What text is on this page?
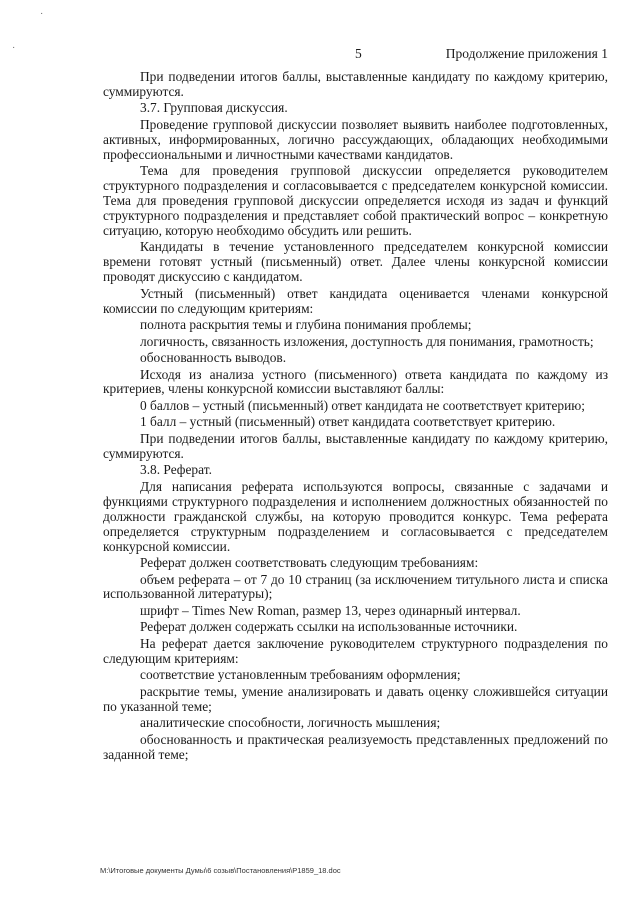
·
·	5	Продолжение приложения 1

При подведении итогов баллы, выставленные кандидату по каждому критерию, суммируются.

3.7. Групповая дискуссия.

Проведение групповой дискуссии позволяет выявить наиболее подготовленных, активных, информированных, логично рассуждающих, обладающих необходимыми профессиональными и личностными качествами кандидатов.

Тема для проведения групповой дискуссии определяется руководителем структурного подразделения и согласовывается с председателем конкурсной комиссии. Тема для проведения групповой дискуссии определяется исходя из задач и функций структурного подразделения и представляет собой практический вопрос – конкретную ситуацию, которую необходимо обсудить или решить.

Кандидаты в течение установленного председателем конкурсной комиссии времени готовят устный (письменный) ответ. Далее члены конкурсной комиссии проводят дискуссию с кандидатом.

Устный (письменный) ответ кандидата оценивается членами конкурсной комиссии по следующим критериям:

полнота раскрытия темы и глубина понимания проблемы;

логичность, связанность изложения, доступность для понимания, грамотность;

обоснованность выводов.

Исходя из анализа устного (письменного) ответа кандидата по каждому из критериев, члены конкурсной комиссии выставляют баллы:

0 баллов – устный (письменный) ответ кандидата не соответствует критерию;

1 балл – устный (письменный) ответ кандидата соответствует критерию.

При подведении итогов баллы, выставленные кандидату по каждому критерию, суммируются.

3.8. Реферат.

Для написания реферата используются вопросы, связанные с задачами и функциями структурного подразделения и исполнением должностных обязанностей по должности гражданской службы, на которую проводится конкурс. Тема реферата определяется структурным подразделением и согласовывается с председателем конкурсной комиссии.

Реферат должен соответствовать следующим требованиям:

объем реферата – от 7 до 10 страниц (за исключением титульного листа и списка использованной литературы);

шрифт – Times New Roman, размер 13, через одинарный интервал.

Реферат должен содержать ссылки на использованные источники.

На реферат дается заключение руководителем структурного подразделения по следующим критериям:

соответствие установленным требованиям оформления;

раскрытие темы, умение анализировать и давать оценку сложившейся ситуации по указанной теме;

аналитические способности, логичность мышления;

обоснованность и практическая реализуемость представленных предложений по заданной теме;

M:\Итоговые документы Думы\6 созыв\Постановления\P1859_18.doc
